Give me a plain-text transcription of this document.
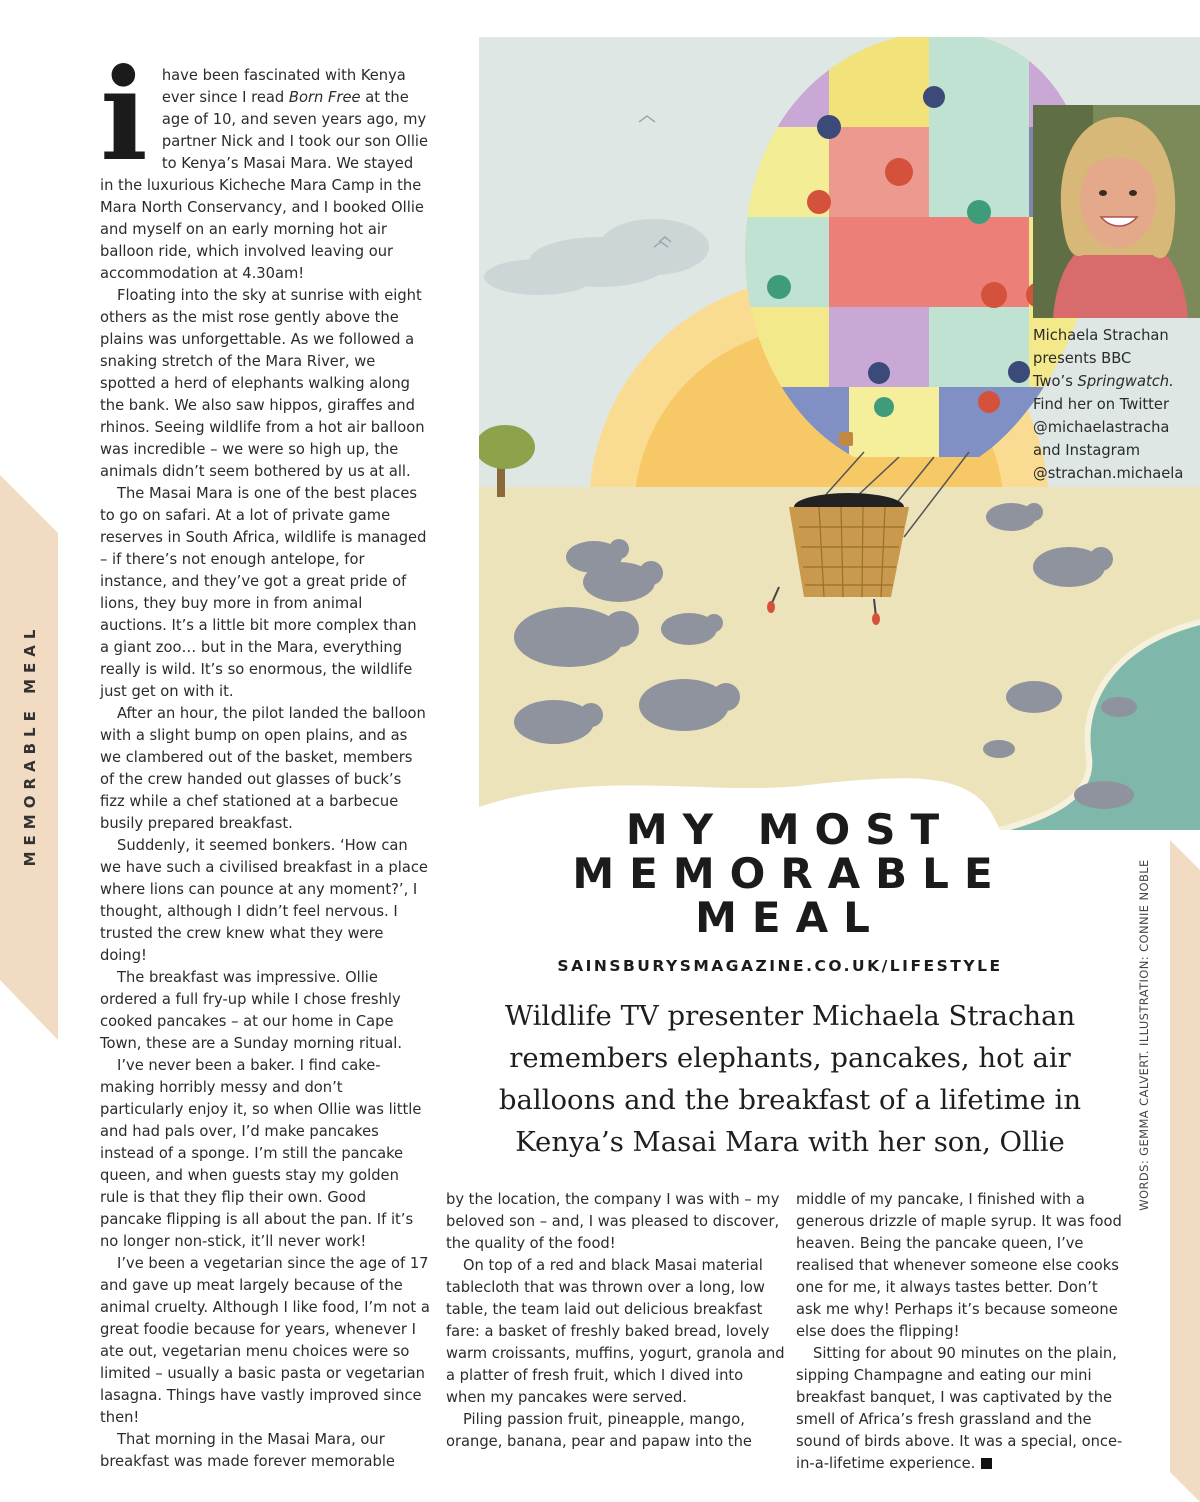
MEMORABLE MEAL
Michaela Strachan
presents BBC
Two’s Springwatch.
Find her on Twitter
@michaelastracha
and Instagram
@strachan.michaela
MY MOST
MEMORABLE
MEAL
SAINSBURYSMAGAZINE.CO.UK/LIFESTYLE
Wildlife TV presenter Michaela Strachan
remembers elephants, pancakes, hot air
balloons and the breakfast of a lifetime in
Kenya’s Masai Mara with her son, Ollie	WORDS: GEMMA CALVERT. ILLUSTRATION: CONNIE NOBLE

ihave been fascinated with Kenya ever since I read Born Free at the age of 10, and seven years ago, my partner Nick and I took our son Ollie to Kenya’s Masai Mara. We stayed in the luxurious Kicheche Mara Camp in the Mara North Conservancy, and I booked Ollie and myself on an early morning hot air balloon ride, which involved leaving our accommodation at 4.30am!

Floating into the sky at sunrise with eight others as the mist rose gently above the plains was unforgettable. As we followed a snaking stretch of the Mara River, we spotted a herd of elephants walking along the bank. We also saw hippos, giraffes and rhinos. Seeing wildlife from a hot air balloon was incredible – we were so high up, the animals didn’t seem bothered by us at all.

The Masai Mara is one of the best places to go on safari. At a lot of private game reserves in South Africa, wildlife is managed – if there’s not enough antelope, for instance, and they’ve got a great pride of lions, they buy more in from animal auctions. It’s a little bit more complex than a giant zoo… but in the Mara, everything really is wild. It’s so enormous, the wildlife just get on with it.

After an hour, the pilot landed the balloon with a slight bump on open plains, and as we clambered out of the basket, members of the crew handed out glasses of buck’s fizz while a chef stationed at a barbecue busily prepared breakfast.

Suddenly, it seemed bonkers. ‘How can we have such a civilised breakfast in a place where lions can pounce at any moment?’, I thought, although I didn’t feel nervous. I trusted the crew knew what they were doing!

The breakfast was impressive. Ollie ordered a full fry-up while I chose freshly cooked pancakes – at our home in Cape Town, these are a Sunday morning ritual.

I’ve never been a baker. I find cake-making horribly messy and don’t particularly enjoy it, so when Ollie was little and had pals over, I’d make pancakes instead of a sponge. I’m still the pancake queen, and when guests stay my golden rule is that they flip their own. Good pancake flipping is all about the pan. If it’s no longer non-stick, it’ll never work!

I’ve been a vegetarian since the age of 17 and gave up meat largely because of the animal cruelty. Although I like food, I’m not a great foodie because for years, whenever I ate out, vegetarian menu choices were so limited – usually a basic pasta or vegetarian lasagna. Things have vastly improved since then!

That morning in the Masai Mara, our breakfast was made forever memorable

by the location, the company I was with – my beloved son – and, I was pleased to discover, the quality of the food!

On top of a red and black Masai material tablecloth that was thrown over a long, low table, the team laid out delicious breakfast fare: a basket of freshly baked bread, lovely warm croissants, muffins, yogurt, granola and a platter of fresh fruit, which I dived into when my pancakes were served.

Piling passion fruit, pineapple, mango, orange, banana, pear and papaw into the

middle of my pancake, I finished with a generous drizzle of maple syrup. It was food heaven. Being the pancake queen, I’ve realised that whenever someone else cooks one for me, it always tastes better. Don’t ask me why! Perhaps it’s because someone else does the flipping!

Sitting for about 90 minutes on the plain, sipping Champagne and eating our mini breakfast banquet, I was captivated by the smell of Africa’s fresh grassland and the sound of birds above. It was a special, once-in-a-lifetime experience.
